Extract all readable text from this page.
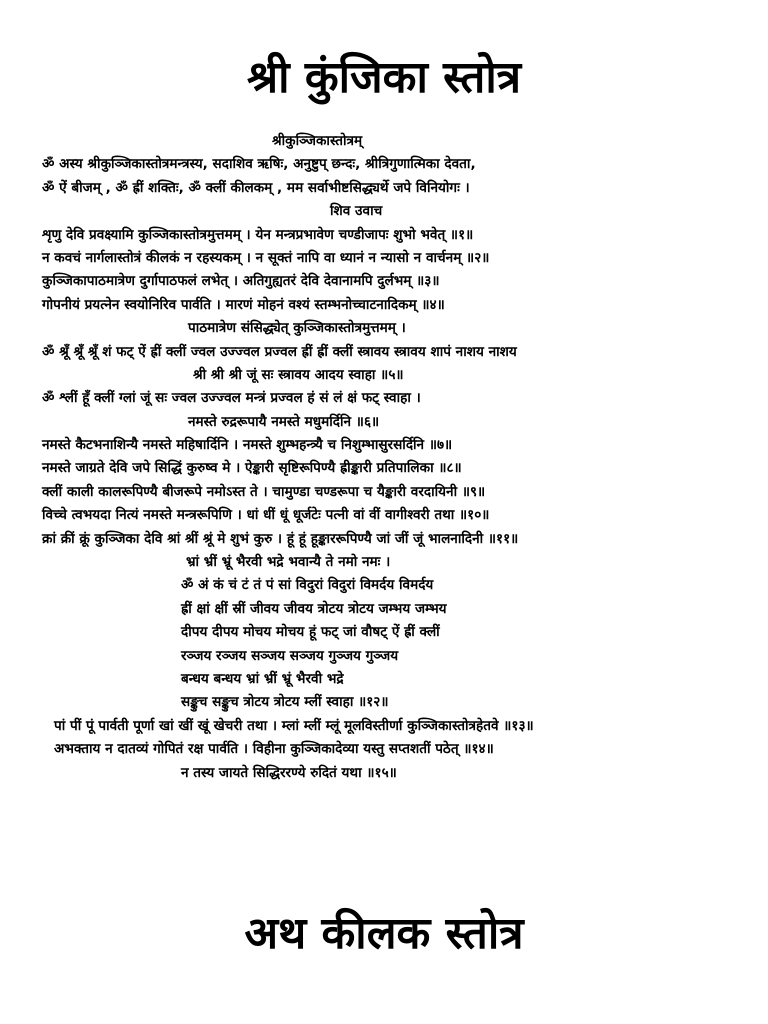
श्री कुंजिका स्तोत्र
श्रीकुञ्जिकास्तोत्रम्
ॐ अस्य श्रीकुञ्जिकास्तोत्रमन्त्रस्य, सदाशिव ऋषिः, अनुष्टुप् छन्दः, श्रीत्रिगुणात्मिका देवता,
ॐ ऐं बीजम् , ॐ ह्रीं शक्तिः, ॐ क्लीं कीलकम् , मम सर्वाभीष्टसिद्ध्यर्थे जपे विनियोगः ।
शिव उवाच
शृणु देवि प्रवक्ष्यामि कुञ्जिकास्तोत्रमुत्तमम् । येन मन्त्रप्रभावेण चण्डीजापः शुभो भवेत् ॥१॥
न कवचं नार्गलास्तोत्रं कीलकं न रहस्यकम् । न सूक्तं नापि वा ध्यानं न न्यासो न वार्चनम् ॥२॥
कुञ्जिकापाठमात्रेण दुर्गापाठफलं लभेत् । अतिगुह्यतरं देवि देवानामपि दुर्लभम् ॥३॥
गोपनीयं प्रयत्नेन स्वयोनिरिव पार्वति । मारणं मोहनं वश्यं स्तम्भनोच्चाटनादिकम् ॥४॥
पाठमात्रेण संसिद्ध्येत् कुञ्जिकास्तोत्रमुत्तमम् ।
ॐ श्रूँ श्रूँ श्रूँ शं फट् ऐं ह्रीं क्लीं ज्वल उज्ज्वल प्रज्वल ह्रीं ह्रीं क्लीं स्त्रावय स्त्रावय शापं नाशय नाशय
श्री श्री श्री जूं सः स्त्रावय आदय स्वाहा ॥५॥
ॐ श्लीं हूँ क्लीं ग्लां जूं सः ज्वल उज्ज्वल मन्त्रं प्रज्वल हं सं लं क्षं फट् स्वाहा ।
नमस्ते रुद्ररूपायै नमस्ते मधुमर्दिनि ॥६॥
नमस्ते कैटभनाशिन्यै नमस्ते महिषार्दिनि । नमस्ते शुम्भहन्त्र्यै च निशुम्भासुरसर्दिनि ॥७॥
नमस्ते जाग्रते देवि जपे सिद्धिं कुरुष्व मे । ऐङ्कारी सृष्टिरूपिण्यै ह्रीङ्कारी प्रतिपालिका ॥८॥
क्लीं काली कालरूपिण्यै बीजरूपे नमोऽस्त ते । चामुण्डा चण्डरूपा च यैङ्कारी वरदायिनी ॥९॥
विच्चे त्वभयदा नित्यं नमस्ते मन्त्ररूपिणि । धां धीं धूं धूर्जटेः पत्नी वां वीं वागीश्वरी तथा ॥१०॥
क्रां क्रीं क्रूं कुञ्जिका देवि श्रां श्रीं श्रूं मे शुभं कुरु । हूं हूं हूङ्काररूपिण्यै जां जीं जूं भालनादिनी ॥११॥
भ्रां भ्रीं भ्रूं भैरवी भद्रे भवान्यै ते नमो नमः ।
ॐ अं कं चं टं तं पं सां विदुरां विदुरां विमर्दय विमर्दय
ह्रीं क्षां क्षीं स्रीं जीवय जीवय त्रोटय त्रोटय जम्भय जम्भय
दीपय दीपय मोचय मोचय हूं फट् जां वौषट् ऐं ह्रीं क्लीं
रञ्जय रञ्जय सञ्जय सञ्जय गुञ्जय गुञ्जय
बन्धय बन्धय भ्रां भ्रीं भ्रूं भैरवी भद्रे
सङ्कुच सङ्कुच त्रोटय त्रोटय म्लीं स्वाहा ॥१२॥
पां पीं पूं पार्वती पूर्णा खां खीं खूं खेचरी तथा । म्लां म्लीं म्लूं मूलविस्तीर्णा कुञ्जिकास्तोत्रहेतवे ॥१३॥
अभक्ताय न दातव्यं गोपितं रक्ष पार्वति । विहीना कुञ्जिकादेव्या यस्तु सप्तशतीं पठेत् ॥१४॥
न तस्य जायते सिद्धिररण्ये रुदितं यथा ॥१५॥
अथ कीलक स्तोत्र
